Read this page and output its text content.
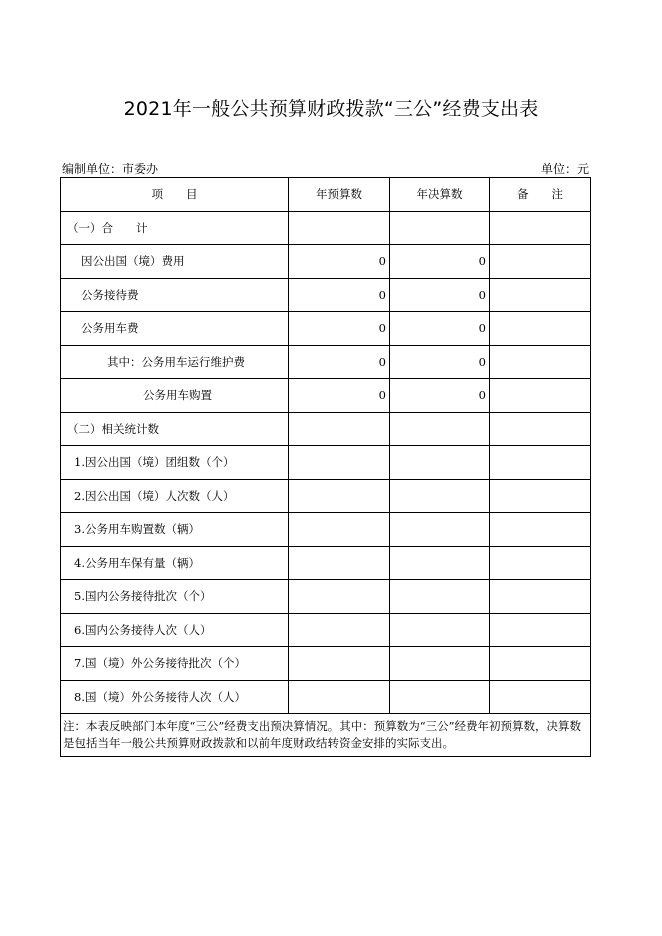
2021年一般公共预算财政拨款“三公”经费支出表
编制单位：市委办	单位：元
项　　目	年预算数	年决算数	备　　注
（一）合　　计			
因公出国（境）费用	0	0	
公务接待费	0	0	
公务用车费	0	0	
其中：公务用车运行维护费	0	0	
公务用车购置	0	0	
（二）相关统计数			
1.因公出国（境）团组数（个）			
2.因公出国（境）人次数（人）			
3.公务用车购置数（辆）			
4.公务用车保有量（辆）			
5.国内公务接待批次（个）			
6.国内公务接待人次（人）			
7.国（境）外公务接待批次（个）			
8.国（境）外公务接待人次（人）			
注：本表反映部门本年度“三公”经费支出预决算情况。其中：预算数为“三公”经费年初预算数，决算数是包括当年一般公共预算财政拨款和以前年度财政结转资金安排的实际支出。			
